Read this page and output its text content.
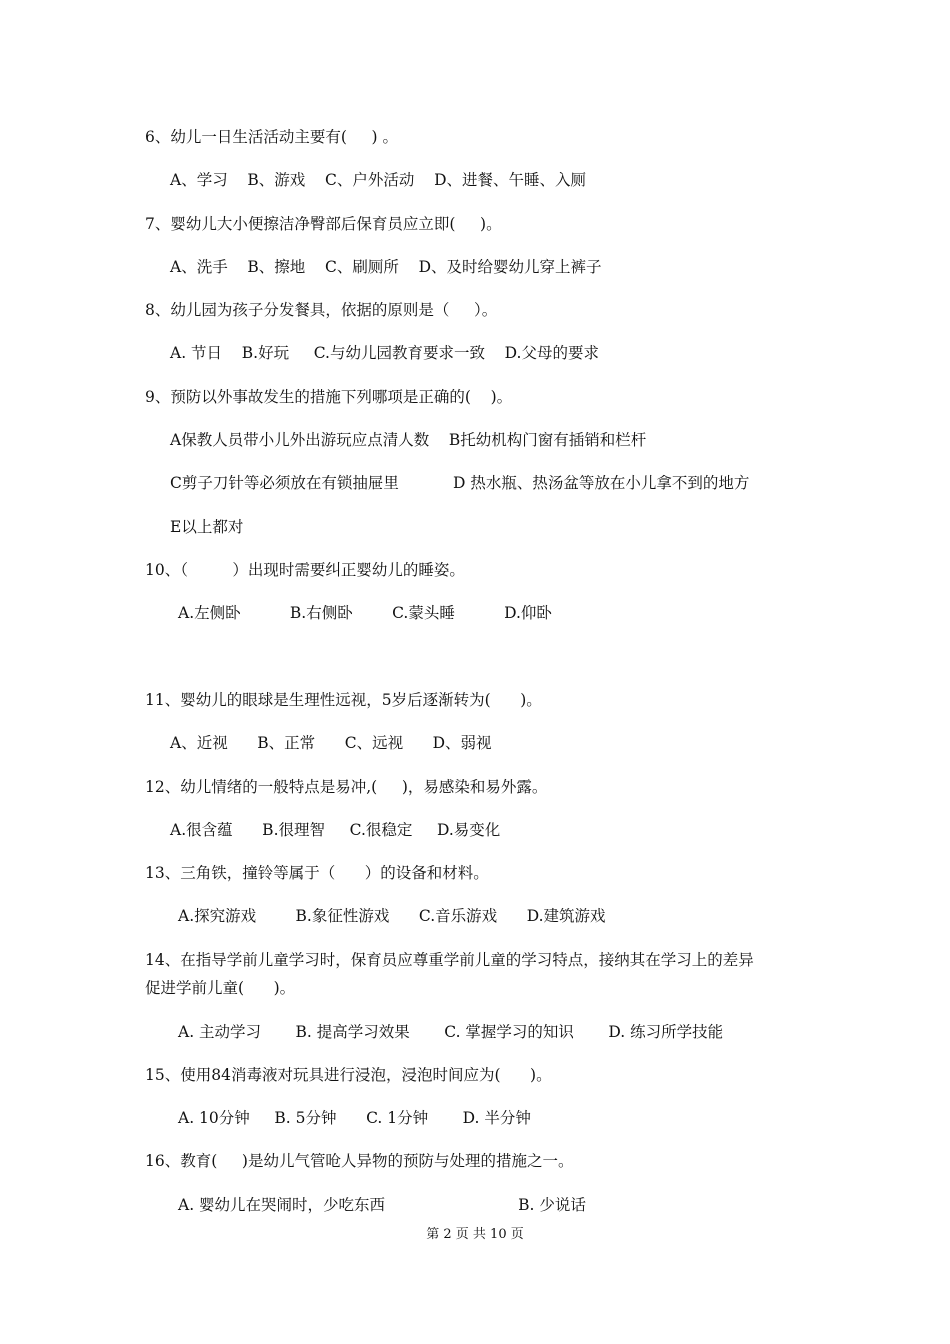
6、幼儿一日生活活动主要有(     ) 。
A、学习    B、游戏    C、户外活动    D、进餐、午睡、入厕
7、婴幼儿大小便擦洁净臀部后保育员应立即(     )。
A、洗手    B、擦地    C、刷厕所    D、及时给婴幼儿穿上裤子
8、幼儿园为孩子分发餐具，依据的原则是（     ）。
A. 节日    B.好玩     C.与幼儿园教育要求一致    D.父母的要求
9、预防以外事故发生的措施下列哪项是正确的(    )。
A保教人员带小儿外出游玩应点清人数    B托幼机构门窗有插销和栏杆
C剪子刀针等必须放在有锁抽屉里           D 热水瓶、热汤盆等放在小儿拿不到的地方
E以上都对
10、（         ）出现时需要纠正婴幼儿的睡姿。
A.左侧卧          B.右侧卧        C.蒙头睡          D.仰卧
11、婴幼儿的眼球是生理性远视，5岁后逐渐转为(      )。
A、近视      B、正常      C、远视      D、弱视
12、幼儿情绪的一般特点是易冲,(     )，易感染和易外露。
A.很含蕴      B.很理智     C.很稳定     D.易变化
13、三角铁，撞铃等属于（      ）的设备和材料。
A.探究游戏        B.象征性游戏      C.音乐游戏      D.建筑游戏
14、在指导学前儿童学习时，保育员应尊重学前儿童的学习特点，接纳其在学习上的差异
促进学前儿童(      )。
A. 主动学习       B. 提高学习效果       C. 掌握学习的知识       D. 练习所学技能
15、使用84消毒液对玩具进行浸泡，浸泡时间应为(      )。
A. 10分钟     B. 5分钟      C. 1分钟       D. 半分钟
16、教育(     )是幼儿气管呛人异物的预防与处理的措施之一。
A. 婴幼儿在哭闹时，少吃东西                           B. 少说话
第 2 页 共 10 页
